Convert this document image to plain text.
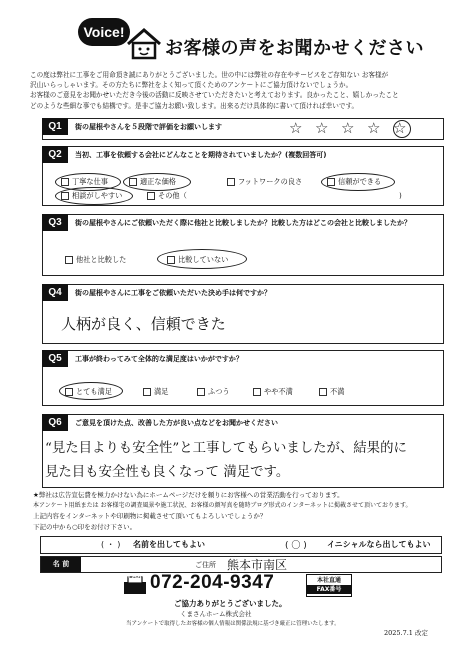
Voice!
お客様の声をお聞かせください
この度は弊社に工事をご用命頂き誠にありがとうございました。世の中には弊社の存在やサービスをご存知ない お客様が
沢山いらっしゃいます。その方たちに弊社をよく知って頂くためのアンケートにご協力頂けないでしょうか。
お客様のご意見をお聞かせいただき今後の活動に反映させていただきたいと考えております。良かったこと、嬉しかったこと
どのような些細な事でも結構です。是非ご協力お願い致します。出来るだけ具体的に書いて頂ければ幸いです。
Q1	街の屋根やさんを５段階で評価をお願いします	☆ ☆ ☆ ☆ ☆
Q2	当初、工事を依頼する会社にどんなことを期待されていましたか？(複数回答可)
丁寧な仕事	適正な価格	フットワークの良さ	信頼ができる
相談がしやすい	その他（	)
Q3	街の屋根やさんにご依頼いただく際に他社と比較しましたか？比較した方はどこの会社と比較しましたか？
他社と比較した	比較していない
Q4	街の屋根やさんに工事をご依頼いただいた決め手は何ですか？
人柄が良く、信頼できた
Q5	工事が終わってみて全体的な満足度はいかがですか？
とても満足	満足	ふつう	やや不満	不満
Q6	ご意見を頂けた点、改善した方が良い点などをお聞かせください
“見た目よりも安全性”と工事してもらいましたが、結果的に
見た目も安全性も良くなって 満足です。
★弊社は広告宣伝費を極力かけない為にホームページだけを頼りにお客様への営業活動を行っております。
本アンケート用紙または お客様宅の調査風景や施工状況、お客様の顔写真を随時ブログ形式のインターネットに掲載させて頂いております。
上記内容をインターネットや印刷物に掲載させて頂いてもよろしいでしょうか？
下記の中から○印をお付け下さい。
( ・ ) 名前を出してもよい	( 〇 )	イニシャルなら出してもよい
名 前	ご住所 熊本市南区
FAX 072-204-9347	本社直通
FAX番号
ご協力ありがとうございました。
くまさんホーム株式会社
当アンケートで取得したお客様の個人情報は関係法規に基づき厳正に管理いたします。
2025.7.1 改定
